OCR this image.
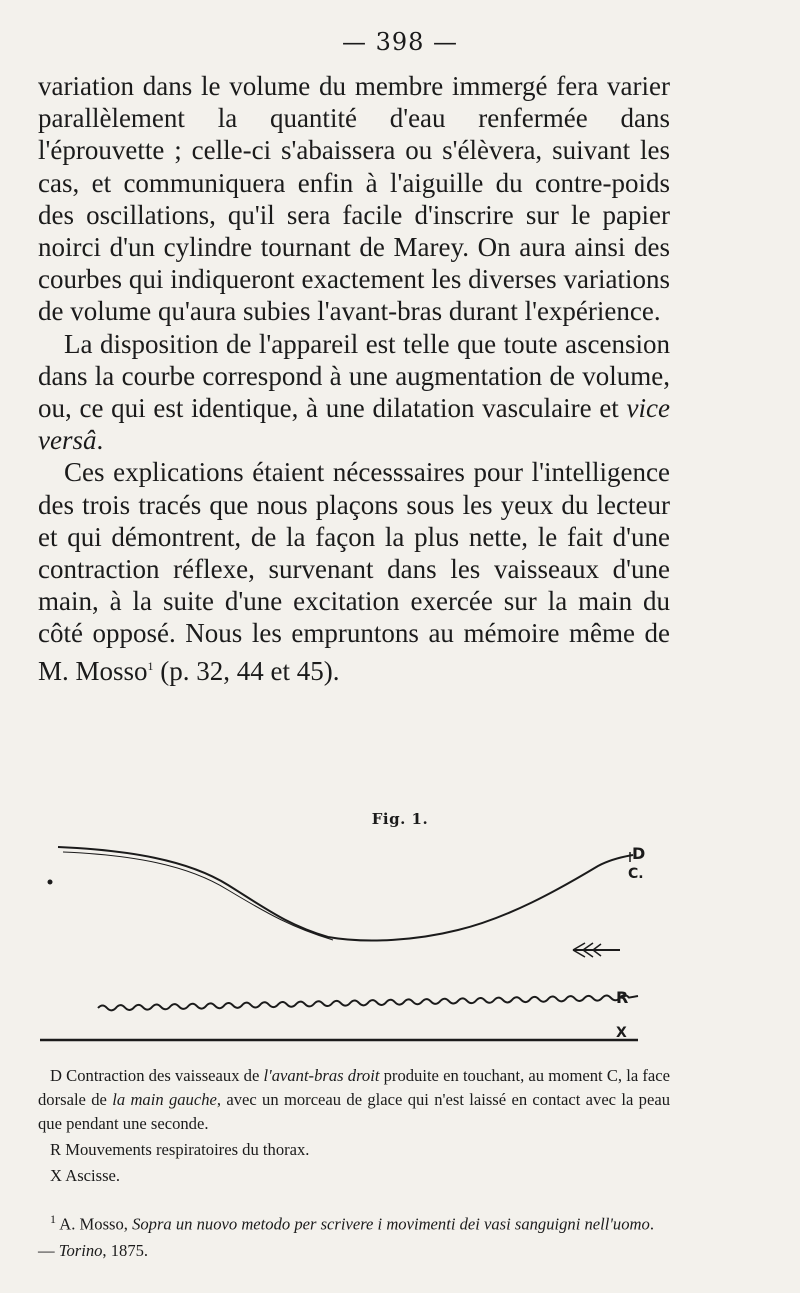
— 398 —

variation dans le volume du membre immergé fera varier parallèlement la quantité d'eau renfermée dans l'éprouvette ; celle-ci s'abaissera ou s'élèvera, suivant les cas, et communiquera enfin à l'aiguille du contre-poids des oscillations, qu'il sera facile d'inscrire sur le papier noirci d'un cylindre tournant de Marey. On aura ainsi des courbes qui indiqueront exactement les diverses variations de volume qu'aura subies l'avant-bras durant l'expérience.

La disposition de l'appareil est telle que toute ascension dans la courbe correspond à une augmentation de volume, ou, ce qui est identique, à une dilatation vasculaire et vice versâ.

Ces explications étaient nécesssaires pour l'intelligence des trois tracés que nous plaçons sous les yeux du lecteur et qui démontrent, de la façon la plus nette, le fait d'une contraction réflexe, survenant dans les vaisseaux d'une main, à la suite d'une excitation exercée sur la main du côté opposé. Nous les empruntons au mémoire même de M. Mosso$^1$ (p. 32, 44 et 45).

Fig. 1.
D
C.
R
X

D Contraction des vaisseaux de l'avant-bras droit produite en touchant, au moment C, la face dorsale de la main gauche, avec un morceau de glace qui n'est laissé en contact avec la peau que pendant une seconde.

R Mouvements respiratoires du thorax.

X Ascisse.

$^1$ A. Mosso, Sopra un nuovo metodo per scrivere i movimenti dei vasi sanguigni nell'uomo. — Torino, 1875.
